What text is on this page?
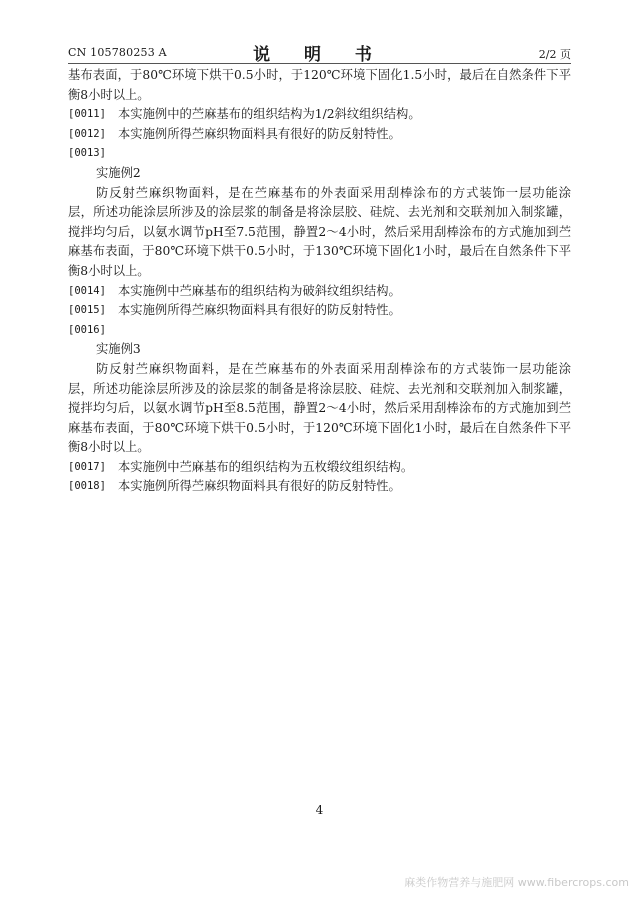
CN 105780253 A	说 明 书	2/2 页
基布表面，于80℃环境下烘干0.5小时，于120℃环境下固化1.5小时，最后在自然条件下平
衡8小时以上。
[0011] 本实施例中的苎麻基布的组织结构为1/2斜纹组织结构。
[0012] 本实施例所得苎麻织物面料具有很好的防反射特性。
[0013]
实施例2
防反射苎麻织物面料，是在苎麻基布的外表面采用刮棒涂布的方式装饰一层功能涂
层，所述功能涂层所涉及的涂层浆的制备是将涂层胶、硅烷、去光剂和交联剂加入制浆罐，
搅拌均匀后，以氨水调节pH至7.5范围，静置2～4小时，然后采用刮棒涂布的方式施加到苎
麻基布表面，于80℃环境下烘干0.5小时，于130℃环境下固化1小时，最后在自然条件下平
衡8小时以上。
[0014] 本实施例中苎麻基布的组织结构为破斜纹组织结构。
[0015] 本实施例所得苎麻织物面料具有很好的防反射特性。
[0016]
实施例3
防反射苎麻织物面料，是在苎麻基布的外表面采用刮棒涂布的方式装饰一层功能涂
层，所述功能涂层所涉及的涂层浆的制备是将涂层胶、硅烷、去光剂和交联剂加入制浆罐，
搅拌均匀后，以氨水调节pH至8.5范围，静置2～4小时，然后采用刮棒涂布的方式施加到苎
麻基布表面，于80℃环境下烘干0.5小时，于120℃环境下固化1小时，最后在自然条件下平
衡8小时以上。
[0017] 本实施例中苎麻基布的组织结构为五枚缎纹组织结构。
[0018] 本实施例所得苎麻织物面料具有很好的防反射特性。
4
麻类作物营养与施肥网 www.fibercrops.com
